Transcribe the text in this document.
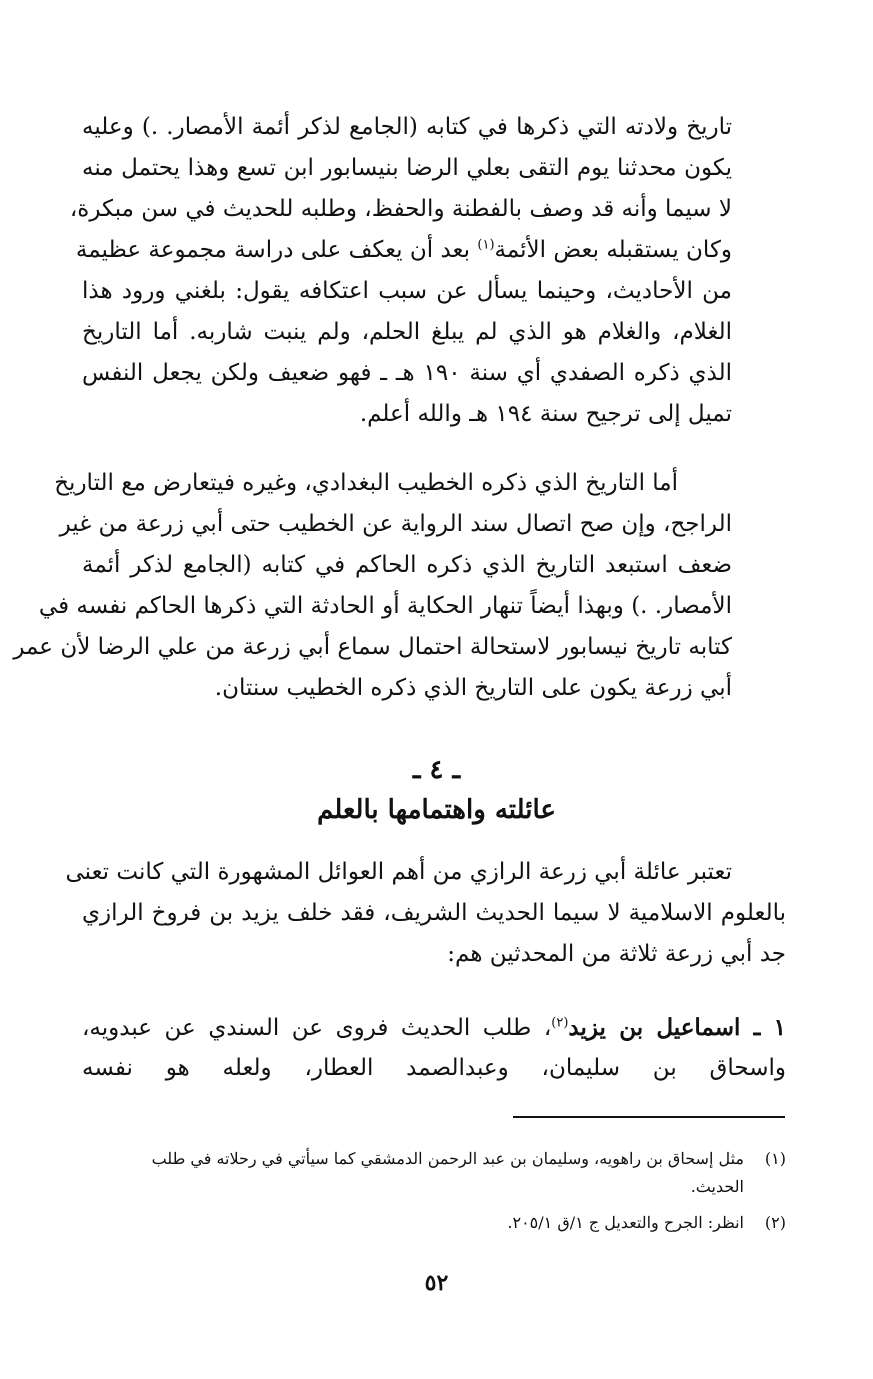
تاريخ ولادته التي ذكرها في كتابه (الجامع لذكر أئمة الأمصار. .) وعليه
يكون محدثنا يوم التقى بعلي الرضا بنيسابور ابن تسع وهذا يحتمل منه
لا سيما وأنه قد وصف بالفطنة والحفظ، وطلبه للحديث في سن مبكرة،
وكان يستقبله بعض الأئمة$^{(١)}$ بعد أن يعكف على دراسة مجموعة عظيمة
من الأحاديث، وحينما يسأل عن سبب اعتكافه يقول: بلغني ورود هذا
الغلام، والغلام هو الذي لم يبلغ الحلم، ولم ينبت شاربه. أما التاريخ
الذي ذكره الصفدي أي سنة ١٩٠ هـ ـ فهو ضعيف ولكن يجعل النفس
تميل إلى ترجيح سنة ١٩٤ هـ والله أعلم.
أما التاريخ الذي ذكره الخطيب البغدادي، وغيره فيتعارض مع التاريخ
الراجح، وإن صح اتصال سند الرواية عن الخطيب حتى أبي زرعة من غير
ضعف استبعد التاريخ الذي ذكره الحاكم في كتابه (الجامع لذكر أئمة
الأمصار. .) وبهذا أيضاً تنهار الحكاية أو الحادثة التي ذكرها الحاكم نفسه في
كتابه تاريخ نيسابور لاستحالة احتمال سماع أبي زرعة من علي الرضا لأن عمر
أبي زرعة يكون على التاريخ الذي ذكره الخطيب سنتان.
ـ ٤ ـ
عائلته واهتمامها بالعلم
تعتبر عائلة أبي زرعة الرازي من أهم العوائل المشهورة التي كانت تعنى
بالعلوم الاسلامية لا سيما الحديث الشريف، فقد خلف يزيد بن فروخ الرازي
جد أبي زرعة ثلاثة من المحدثين هم:
١ ـ اسماعيل بن يزيد$^{(٢)}$، طلب الحديث فروى عن السندي عن عبدويه،
واسحاق بن سليمان، وعبدالصمد العطار، ولعله هو نفسه
(١)مثل إسحاق بن راهويه، وسليمان بن عبد الرحمن الدمشقي كما سيأتي في رحلاته في طلب
الحديث.
(٢)انظر: الجرح والتعديل ج ١/ق ٢٠٥/١.
٥٢
